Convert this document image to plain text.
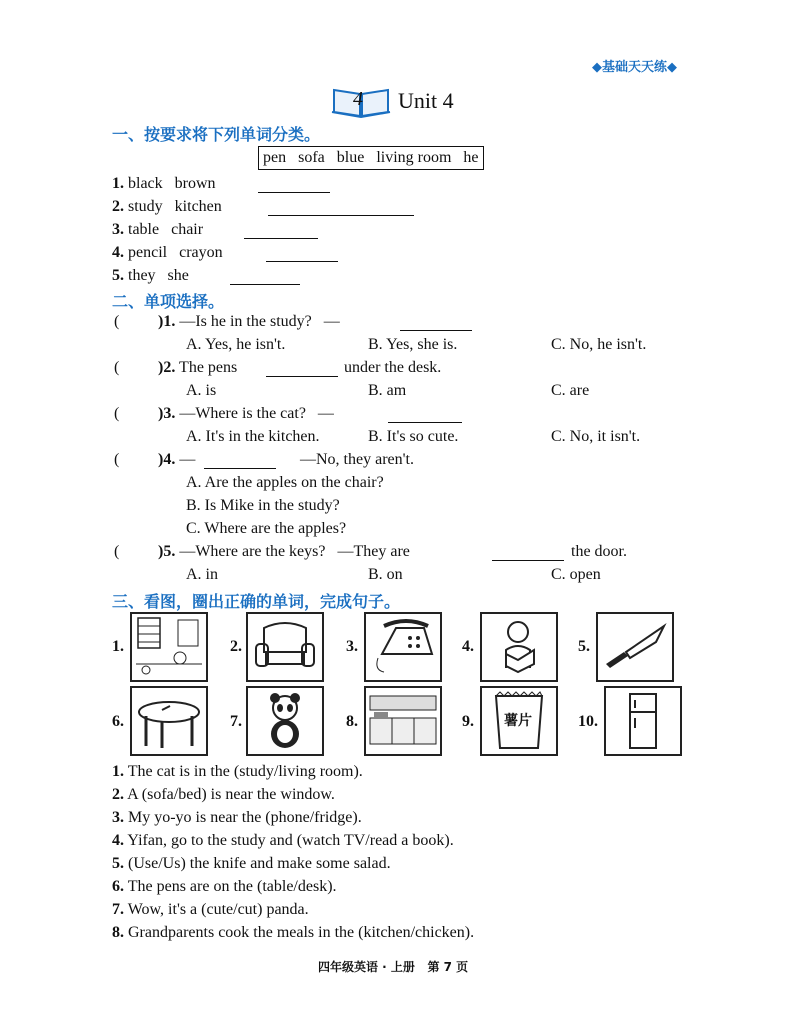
◆基础天天练◆
4 Unit 4
一、按要求将下列单词分类。
pen sofa blue living room he
1. black   brown
2. study   kitchen
3. table   chair
4. pencil   crayon
5. they   she
二、单项选择。
( )1. —Is he in the study?   —
A. Yes, he isn't.	B. Yes, she is.	C. No, he isn't.
( )2. The pens	under the desk.
A. is	B. am	C. are
( )3. —Where is the cat?   —
A. It's in the kitchen.	B. It's so cute.	C. No, it isn't.
( )4. —	—No, they aren't.
A. Are the apples on the chair?
B. Is Mike in the study?
C. Where are the apples?
( )5. —Where are the keys?   —They are	the door.
A. in	B. on	C. open
三、看图，圈出正确的单词，完成句子。
1.	2.	3.	4.	5.
6.	7.	8.	9. 薯片	10.
1. The cat is in the (study/living room).
2. A (sofa/bed) is near the window.
3. My yo-yo is near the (phone/fridge).
4. Yifan, go to the study and (watch TV/read a book).
5. (Use/Us) the knife and make some salad.
6. The pens are on the (table/desk).
7. Wow, it's a (cute/cut) panda.
8. Grandparents cook the meals in the (kitchen/chicken).
四年级英语 · 上册   第 7 页
